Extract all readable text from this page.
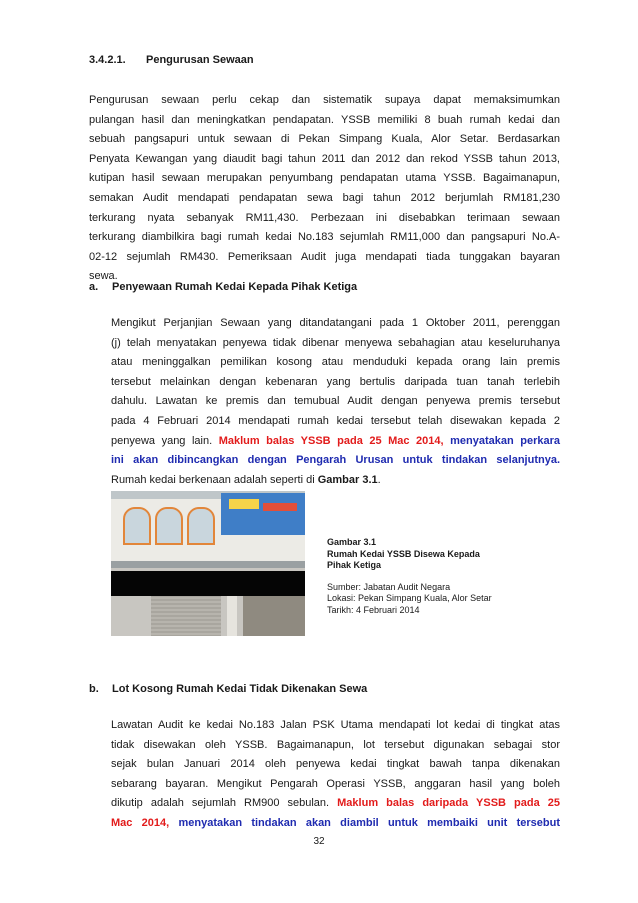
3.4.2.1. Pengurusan Sewaan
Pengurusan sewaan perlu cekap dan sistematik supaya dapat memaksimumkan
pulangan hasil dan meningkatkan pendapatan. YSSB memiliki 8 buah rumah kedai dan
sebuah pangsapuri untuk sewaan di Pekan Simpang Kuala, Alor Setar. Berdasarkan
Penyata Kewangan yang diaudit bagi tahun 2011 dan 2012 dan rekod YSSB tahun 2013,
kutipan hasil sewaan merupakan penyumbang pendapatan utama YSSB. Bagaimanapun,
semakan Audit mendapati pendapatan sewa bagi tahun 2012 berjumlah RM181,230
terkurang nyata sebanyak RM11,430. Perbezaan ini disebabkan terimaan sewaan
terkurang diambilkira bagi rumah kedai No.183 sejumlah RM11,000 dan pangsapuri No.A-
02-12 sejumlah RM430. Pemeriksaan Audit juga mendapati tiada tunggakan bayaran
sewa.
a. Penyewaan Rumah Kedai Kepada Pihak Ketiga
Mengikut Perjanjian Sewaan yang ditandatangani pada 1 Oktober 2011, perenggan
(j) telah menyatakan penyewa tidak dibenar menyewa sebahagian atau keseluruhanya
atau meninggalkan pemilikan kosong atau menduduki kepada orang lain premis
tersebut melainkan dengan kebenaran yang bertulis daripada tuan tanah terlebih
dahulu. Lawatan ke premis dan temubual Audit dengan penyewa premis tersebut
pada 4 Februari 2014 mendapati rumah kedai tersebut telah disewakan kepada 2
penyewa yang lain. Maklum balas YSSB pada 25 Mac 2014, menyatakan perkara
ini akan dibincangkan dengan Pengarah Urusan untuk tindakan selanjutnya.
Rumah kedai berkenaan adalah seperti di Gambar 3.1.
Gambar 3.1
Rumah Kedai YSSB Disewa Kepada
Pihak Ketiga
Sumber: Jabatan Audit Negara
Lokasi: Pekan Simpang Kuala, Alor Setar
Tarikh: 4 Februari 2014
b. Lot Kosong Rumah Kedai Tidak Dikenakan Sewa
Lawatan Audit ke kedai No.183 Jalan PSK Utama mendapati lot kedai di tingkat atas
tidak disewakan oleh YSSB. Bagaimanapun, lot tersebut digunakan sebagai stor
sejak bulan Januari 2014 oleh penyewa kedai tingkat bawah tanpa dikenakan
sebarang bayaran. Mengikut Pengarah Operasi YSSB, anggaran hasil yang boleh
dikutip adalah sejumlah RM900 sebulan. Maklum balas daripada YSSB pada 25
Mac 2014, menyatakan tindakan akan diambil untuk membaiki unit tersebut
32
